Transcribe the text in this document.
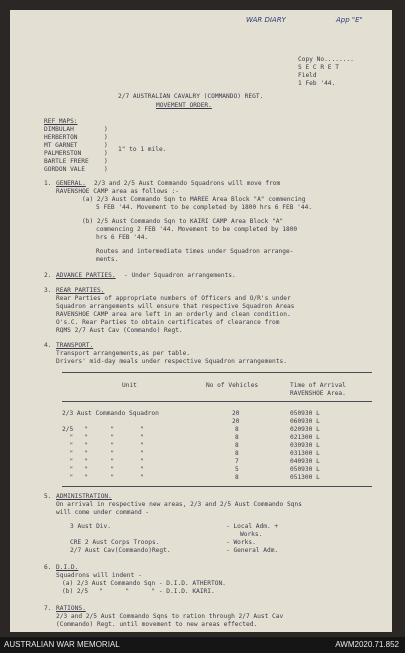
WAR DIARY	App "E"
Copy No........
S E C R E T
Field
1 Feb '44.
2/7 AUSTRALIAN CAVALRY (COMMANDO) REGT.
MOVEMENT ORDER.
REF MAPS:
DIMBULAH
HERBERTON
MT GARNET
PALMERSTON
BARTLE FRERE
GORDON VALE
)
)
)
)
)
)
1" to 1 mile.
1. GENERAL. 2/3 and 2/5 Aust Commando Squadrons will move from
RAVENSHOE CAMP area as follows :-
(a) 2/3 Aust Commando Sqn to MAREE Area Block "A" commencing
5 FEB '44. Movement to be completed by 1800 hrs 6 FEB '44.
(b) 2/5 Aust Commando Sqn to KAIRI CAMP Area Block "A"
commencing 2 FEB '44. Movement to be completed by 1800
hrs 6 FEB '44.
Routes and intermediate times under Squadron arrange-
ments.
2. ADVANCE PARTIES. - Under Squadron arrangements.
3. REAR PARTIES.
Rear Parties of appropriate numbers of Officers and O/R's under
Squadron arrangements will ensure that respective Squadron Areas
RAVENSHOE CAMP area are left in an orderly and clean condition.
O's.C. Rear Parties to obtain certificates of clearance from
RQMS 2/7 Aust Cav (Commando) Regt.
4. TRANSPORT.
Transport arrangements,as per table.
Drivers' mid-day meals under respective Squadron arrangements.
Unit	No of Vehicles	Time of Arrival
RAVENSHOE Area.
2/3 Aust Commando Squadron	20	050930 L
20	060930 L
2/5   "      "       "	8	020930 L
"   "      "       "	8	021300 L
"   "      "       "	8	030930 L
"   "      "       "	8	031300 L
"   "      "       "	7	040930 L
"   "      "       "	5	050930 L
"   "      "       "	8	051300 L
5. ADMINISTRATION.
On arrival in respective new areas, 2/3 and 2/5 Aust Commando Sqns
will come under command -
3 Aust Div.	- Local Adm. +
Works.
CRE 2 Aust Corps Troops.	- Works.
2/7 Aust Cav(Commando)Regt.	- General Adm.
6. D.I.D.
Squadrons will indent -
(a) 2/3 Aust Commando Sqn - D.I.D. ATHERTON.
(b) 2/5   "      "      " - D.I.D. KAIRI.
7. RATIONS.
2/3 and 2/5 Aust Commando Sqns to ration through 2/7 Aust Cav
(Commando) Regt. until movement to new areas effected.
AUSTRALIAN WAR MEMORIAL	AWM2020.71.852
